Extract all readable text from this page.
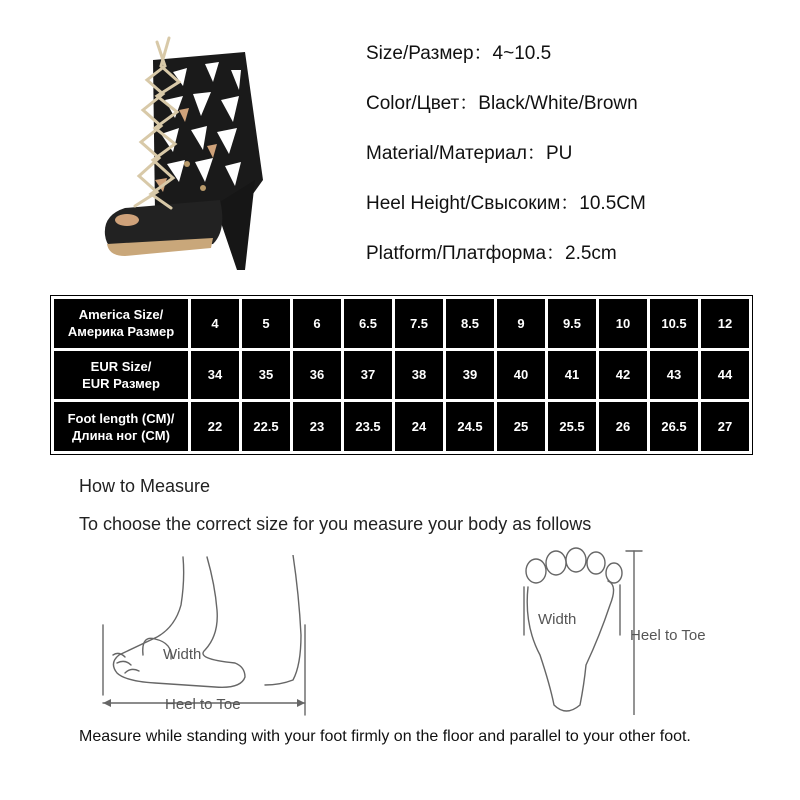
Size/Размер：4~10.5
Color/Цвет：Black/White/Brown
Material/Материал：PU
Heel Height/Свысоким：10.5CM
Platform/Платформа：2.5cm
America Size/
Америка Размер	4	5	6	6.5	7.5	8.5	9	9.5	10	10.5	12

EUR Size/
EUR Размер	34	35	36	37	38	39	40	41	42	43	44

Foot length (CM)/
Длина ног (CM)	22	22.5	23	23.5	24	24.5	25	25.5	26	26.5	27
How to Measure
To choose the correct size for you measure your body as follows
Width
Heel to Toe
Width
Heel to Toe
Measure while standing with your foot firmly on the floor and parallel to your other foot.
